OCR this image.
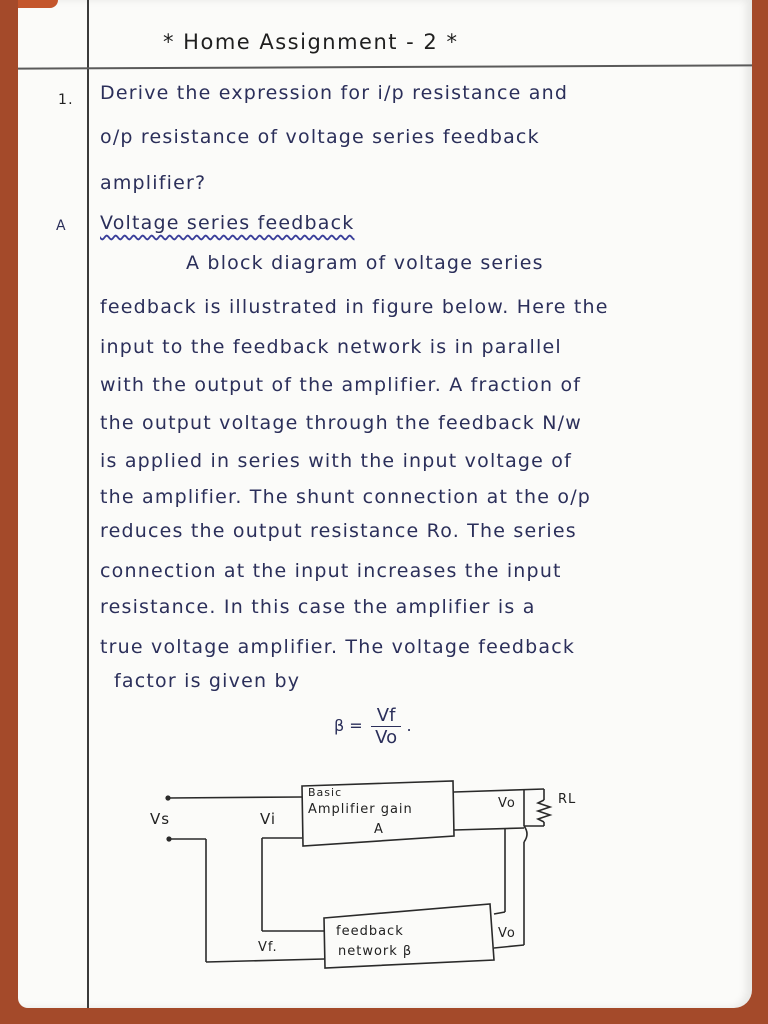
* Home Assignment - 2 *
1. Derive the expression for i/p resistance and
o/p resistance of voltage series feedback
amplifier?
A Voltage series feedback
A block diagram of voltage series
feedback is illustrated in figure below. Here the
input to the feedback network is in parallel
with the output of the amplifier. A fraction of
the output voltage through the feedback N/w
is applied in series with the input voltage of
the amplifier. The shunt connection at the o/p
reduces the output resistance Ro. The series
connection at the input increases the input
resistance. In this case the amplifier is a
true voltage amplifier. The voltage feedback
factor is given by
$\beta = \frac{Vf}{Vo}$ .
Basic
Amplifier gain
A
feedback
network β
Vs	Vi
Vo	RL
Vf.
Vo
